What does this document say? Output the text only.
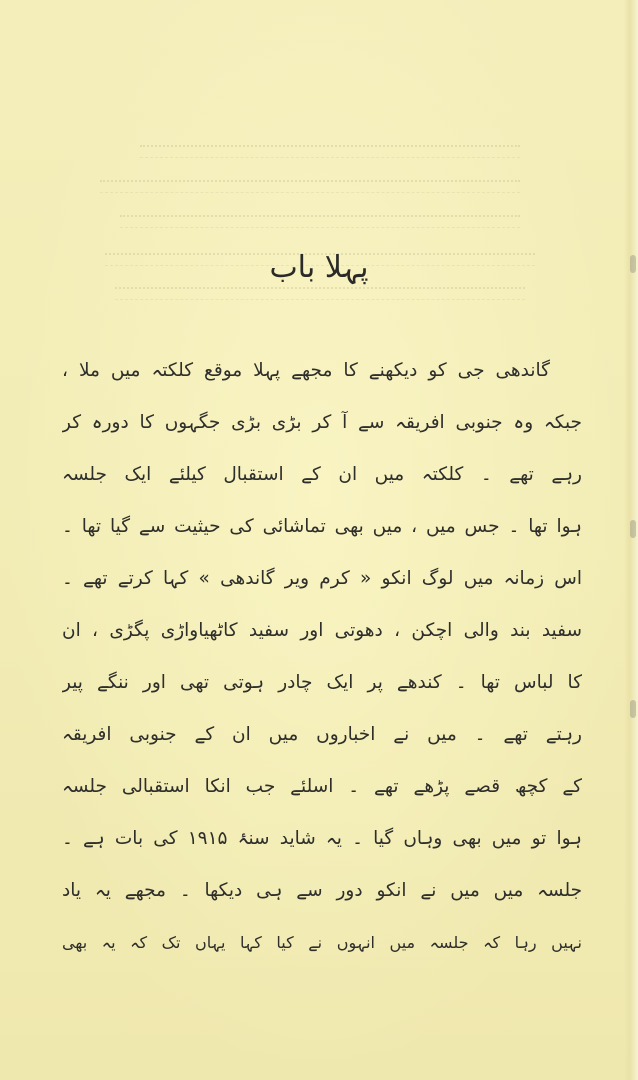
پہلا باب
گاندھی جی کو دیکھنے کا مجھے پہلا موقع کلکتہ میں ملا ،
جبکہ وہ جنوبی افریقہ سے آ کر بڑی بڑی جگہوں کا دورہ کر
رہے تھے ۔ کلکتہ میں ان کے استقبال کیلئے ایک جلسہ
ہوا تھا ۔ جس میں ، میں بھی تماشائی کی حیثیت سے گیا تھا ۔
اس زمانہ میں لوگ انکو « کرم ویر گاندھی » کہا کرتے تھے ۔
سفید بند والی اچکن ، دھوتی اور سفید کاٹھیاواڑی پگڑی ، ان
کا لباس تھا ۔ کندھے پر ایک چادر ہوتی تھی اور ننگے پیر
رہتے تھے ۔ میں نے اخباروں میں ان کے جنوبی افریقہ
کے کچھ قصے پڑھے تھے ۔ اسلئے جب انکا استقبالی جلسہ
ہوا تو میں بھی وہاں گیا ۔ یہ شاید سنۂ ۱۹۱۵ کی بات ہے ۔
جلسہ میں میں نے انکو دور سے ہی دیکھا ۔ مجھے یہ یاد
نہیں رہا کہ جلسہ میں انہوں نے کیا کہا یہاں تک کہ یہ بھی
